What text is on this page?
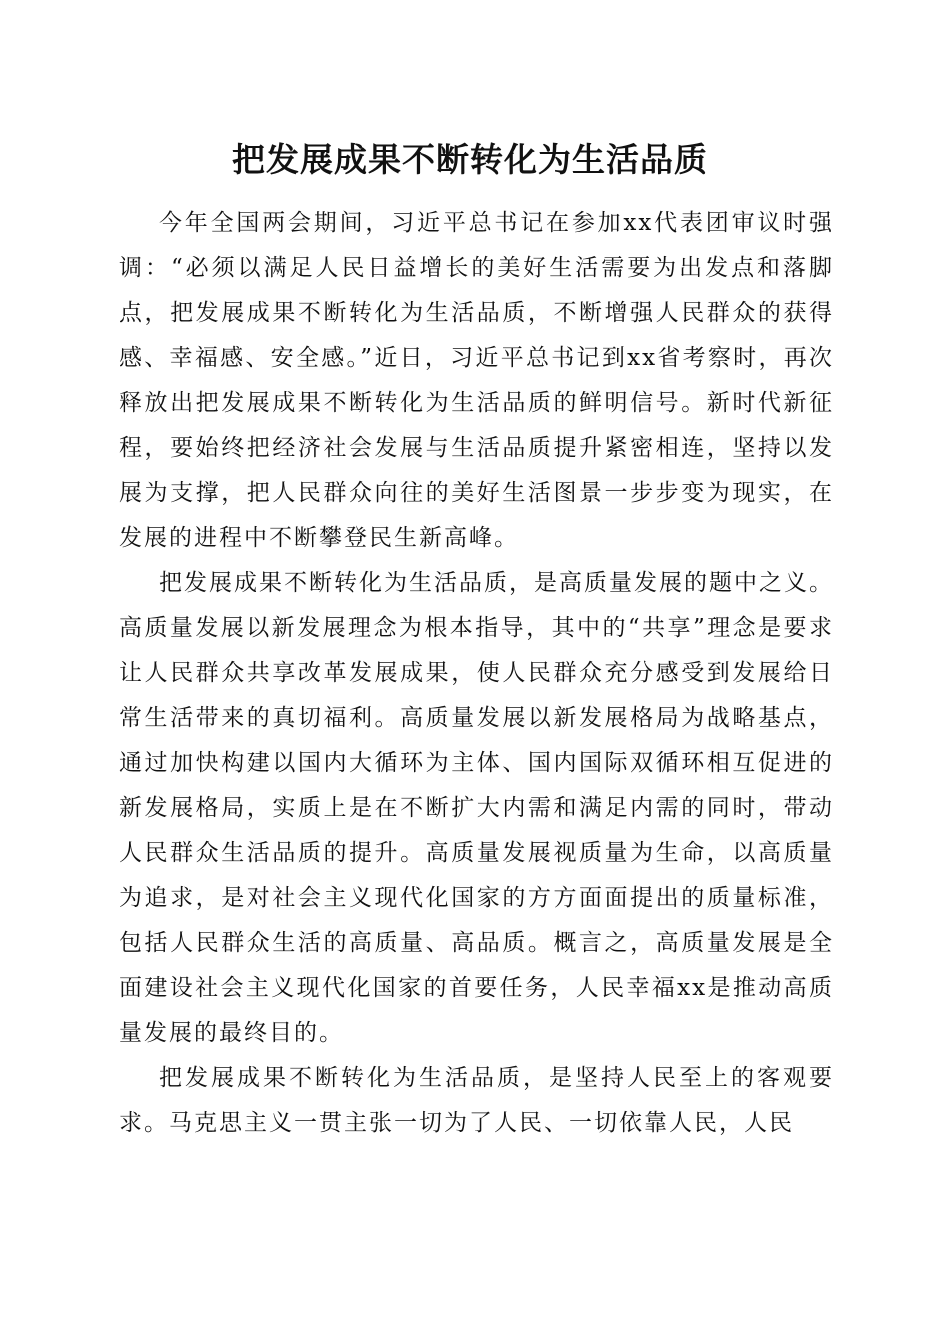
把发展成果不断转化为生活品质

今年全国两会期间，习近平总书记在参加xx代表团审议时强调：“必须以满足人民日益增长的美好生活需要为出发点和落脚点，把发展成果不断转化为生活品质，不断增强人民群众的获得感、幸福感、安全感。”近日，习近平总书记到xx省考察时，再次释放出把发展成果不断转化为生活品质的鲜明信号。新时代新征程，要始终把经济社会发展与生活品质提升紧密相连，坚持以发展为支撑，把人民群众向往的美好生活图景一步步变为现实，在发展的进程中不断攀登民生新高峰。

把发展成果不断转化为生活品质，是高质量发展的题中之义。高质量发展以新发展理念为根本指导，其中的“共享”理念是要求让人民群众共享改革发展成果，使人民群众充分感受到发展给日常生活带来的真切福利。高质量发展以新发展格局为战略基点，通过加快构建以国内大循环为主体、国内国际双循环相互促进的新发展格局，实质上是在不断扩大内需和满足内需的同时，带动人民群众生活品质的提升。高质量发展视质量为生命，以高质量为追求，是对社会主义现代化国家的方方面面提出的质量标准，包括人民群众生活的高质量、高品质。概言之，高质量发展是全面建设社会主义现代化国家的首要任务，人民幸福xx是推动高质量发展的最终目的。

把发展成果不断转化为生活品质，是坚持人民至上的客观要求。马克思主义一贯主张一切为了人民、一切依靠人民，人民
